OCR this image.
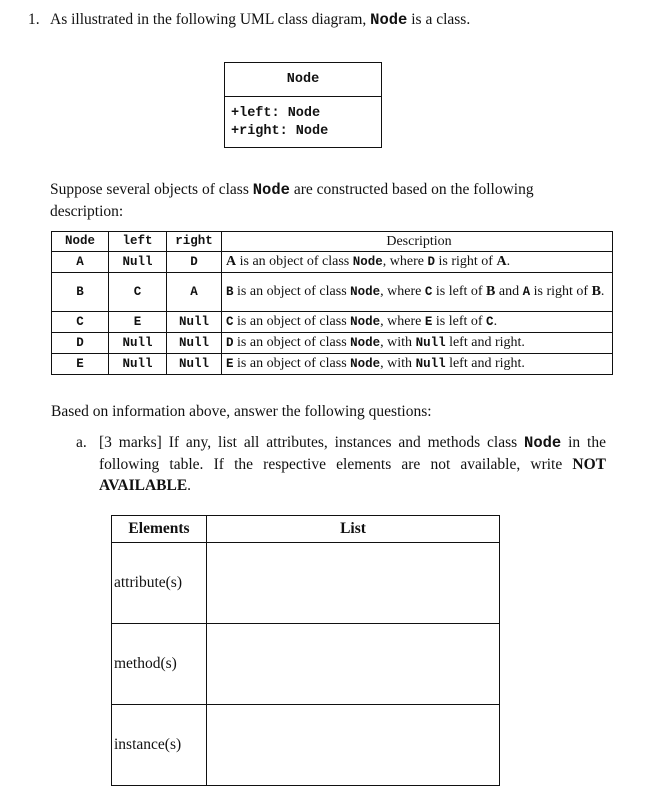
1. As illustrated in the following UML class diagram, Node is a class.
Node
+left: Node
+right: Node
Suppose several objects of class Node are constructed based on the following description:
Node	left	right	Description
A	Null	D	A is an object of class Node, where D is right of A.
B	C	A	B is an object of class Node, where C is left of B and A is right of B.
C	E	Null	C is an object of class Node, where E is left of C.
D	Null	Null	D is an object of class Node, with Null left and right.
E	Null	Null	E is an object of class Node, with Null left and right.
Based on information above, answer the following questions:
a. [3 marks] If any, list all attributes, instances and methods class Node in the following table. If the respective elements are not available, write NOT AVAILABLE.
Elements	List
attribute(s)	
method(s)	
instance(s)	
